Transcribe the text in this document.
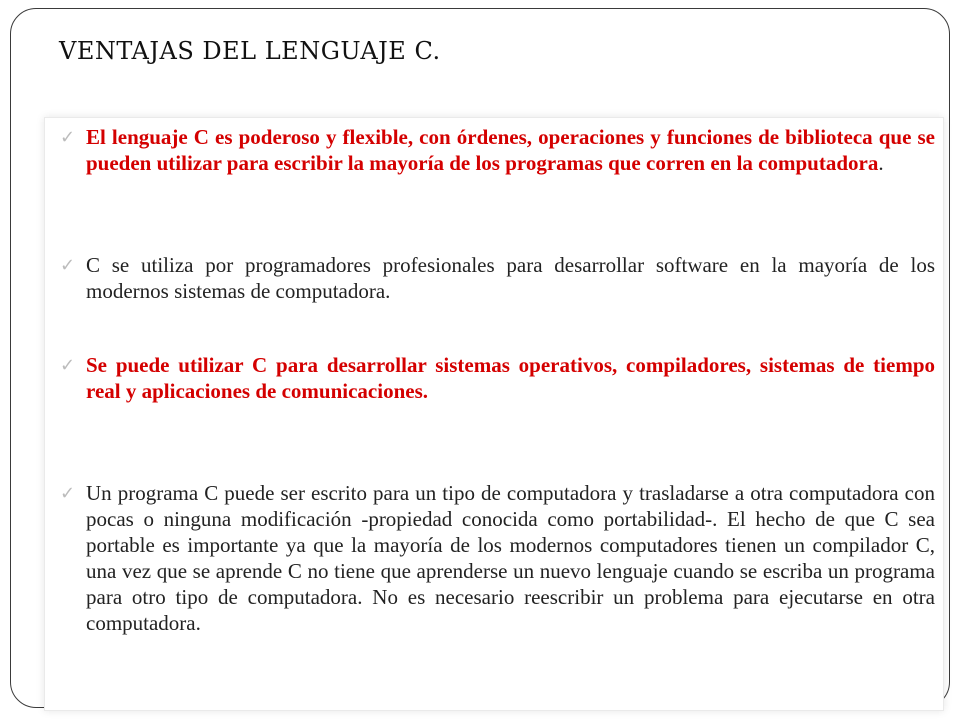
VENTAJAS DEL LENGUAJE C.
✓ El lenguaje C es poderoso y flexible, con órdenes, operaciones y funciones de biblioteca que se pueden utilizar para escribir la mayoría de los programas que corren en la computadora.
✓ C se utiliza por programadores profesionales para desarrollar software en la mayoría de los modernos sistemas de computadora.
✓ Se puede utilizar C para desarrollar sistemas operativos, compiladores, sistemas de tiempo real y aplicaciones de comunicaciones.
✓ Un programa C puede ser escrito para un tipo de computadora y trasladarse a otra computadora con pocas o ninguna modificación -propiedad conocida como portabilidad-. El hecho de que C sea portable es importante ya que la mayoría de los modernos computadores tienen un compilador C, una vez que se aprende C no tiene que aprenderse un nuevo lenguaje cuando se escriba un programa para otro tipo de computadora. No es necesario reescribir un problema para ejecutarse en otra computadora.
